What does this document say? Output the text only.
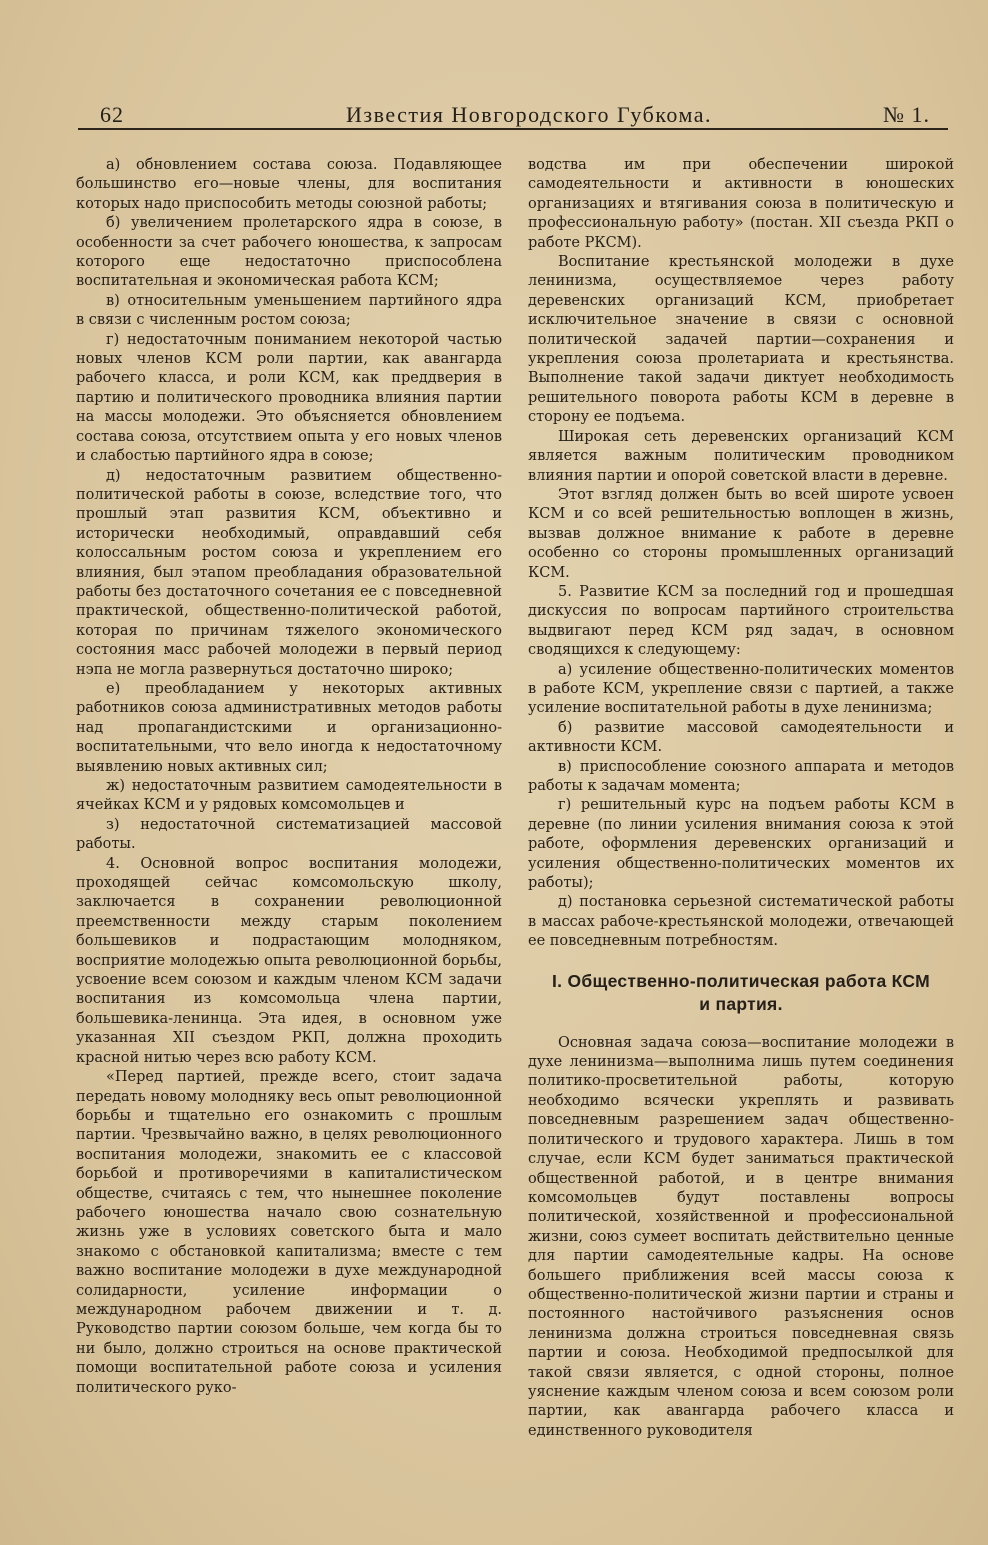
62	Известия Новгородского Губкома.	№ 1.

а) обновлением состава союза. Подавляющее большинство его—новые члены, для воспитания которых надо приспособить методы союзной работы;

б) увеличением пролетарского ядра в союзе, в особенности за счет рабочего юношества, к запросам которого еще недостаточно приспособлена воспитательная и экономическая работа КСМ;

в) относительным уменьшением партийного ядра в связи с численным ростом союза;

г) недостаточным пониманием некоторой частью новых членов КСМ роли партии, как авангарда рабочего класса, и роли КСМ, как преддверия в партию и политического проводника влияния партии на массы молодежи. Это объясняется обновлением состава союза, отсутствием опыта у его новых членов и слабостью партийного ядра в союзе;

д) недостаточным развитием общественно-политической работы в союзе, вследствие того, что прошлый этап развития КСМ, объективно и исторически необходимый, оправдавший себя колоссальным ростом союза и укреплением его влияния, был этапом преобладания образовательной работы без достаточного сочетания ее с повседневной практической, общественно-политической работой, которая по причинам тяжелого экономического состояния масс рабочей молодежи в первый период нэпа не могла развернуться достаточно широко;

е) преобладанием у некоторых активных работников союза административных методов работы над пропагандистскими и организационно-воспитательными, что вело иногда к недостаточному выявлению новых активных сил;

ж) недостаточным развитием самодеятельности в ячейках КСМ и у рядовых комсомольцев и

з) недостаточной систематизацией массовой работы.

4. Основной вопрос воспитания молодежи, проходящей сейчас комсомольскую школу, заключается в сохранении революционной преемственности между старым поколением большевиков и подрастающим молодняком, восприятие молодежью опыта революционной борьбы, усвоение всем союзом и каждым членом КСМ задачи воспитания из комсомольца члена партии, большевика-ленинца. Эта идея, в основном уже указанная XII съездом РКП, должна проходить красной нитью через всю работу КСМ.

«Перед партией, прежде всего, стоит задача передать новому молодняку весь опыт революционной борьбы и тщательно его ознакомить с прошлым партии. Чрезвычайно важно, в целях революционного воспитания молодежи, знакомить ее с классовой борьбой и противоречиями в капиталистическом обществе, считаясь с тем, что нынешнее поколение рабочего юношества начало свою сознательную жизнь уже в условиях советского быта и мало знакомо с обстановкой капитализма; вместе с тем важно воспитание молодежи в духе международной солидарности, усиление информации о международном рабочем движении и т. д. Руководство партии союзом больше, чем когда бы то ни было, должно строиться на основе практической помощи воспитательной работе союза и усиления политического руко-

водства им при обеспечении широкой самодеятельности и активности в юношеских организациях и втягивания союза в политическую и профессиональную работу» (постан. XII съезда РКП о работе РКСМ).

Воспитание крестьянской молодежи в духе ленинизма, осуществляемое через работу деревенских организаций КСМ, приобретает исключительное значение в связи с основной политической задачей партии—сохранения и укрепления союза пролетариата и крестьянства. Выполнение такой задачи диктует необходимость решительного поворота работы КСМ в деревне в сторону ее подъема.

Широкая сеть деревенских организаций КСМ является важным политическим проводником влияния партии и опорой советской власти в деревне.

Этот взгляд должен быть во всей широте усвоен КСМ и со всей решительностью воплощен в жизнь, вызвав должное внимание к работе в деревне особенно со стороны промышленных организаций КСМ.

5. Развитие КСМ за последний год и прошедшая дискуссия по вопросам партийного строительства выдвигают перед КСМ ряд задач, в основном сводящихся к следующему:

а) усиление общественно-политических моментов в работе КСМ, укрепление связи с партией, а также усиление воспитательной работы в духе ленинизма;

б) развитие массовой самодеятельности и активности КСМ.

в) приспособление союзного аппарата и методов работы к задачам момента;

г) решительный курс на подъем работы КСМ в деревне (по линии усиления внимания союза к этой работе, оформления деревенских организаций и усиления общественно-политических моментов их работы);

д) постановка серьезной систематической работы в массах рабоче-крестьянской молодежи, отвечающей ее повседневным потребностям.

I. Общественно-политическая работа КСМ
и партия.

Основная задача союза—воспитание молодежи в духе ленинизма—выполнима лишь путем соединения политико-просветительной работы, которую необходимо всячески укреплять и развивать повседневным разрешением задач общественно-политического и трудового характера. Лишь в том случае, если КСМ будет заниматься практической общественной работой, и в центре внимания комсомольцев будут поставлены вопросы политической, хозяйственной и профессиональной жизни, союз сумеет воспитать действительно ценные для партии самодеятельные кадры. На основе большего приближения всей массы союза к общественно-политической жизни партии и страны и постоянного настойчивого разъяснения основ ленинизма должна строиться повседневная связь партии и союза. Необходимой предпосылкой для такой связи является, с одной стороны, полное уяснение каждым членом союза и всем союзом роли партии, как авангарда рабочего класса и единственного руководителя
